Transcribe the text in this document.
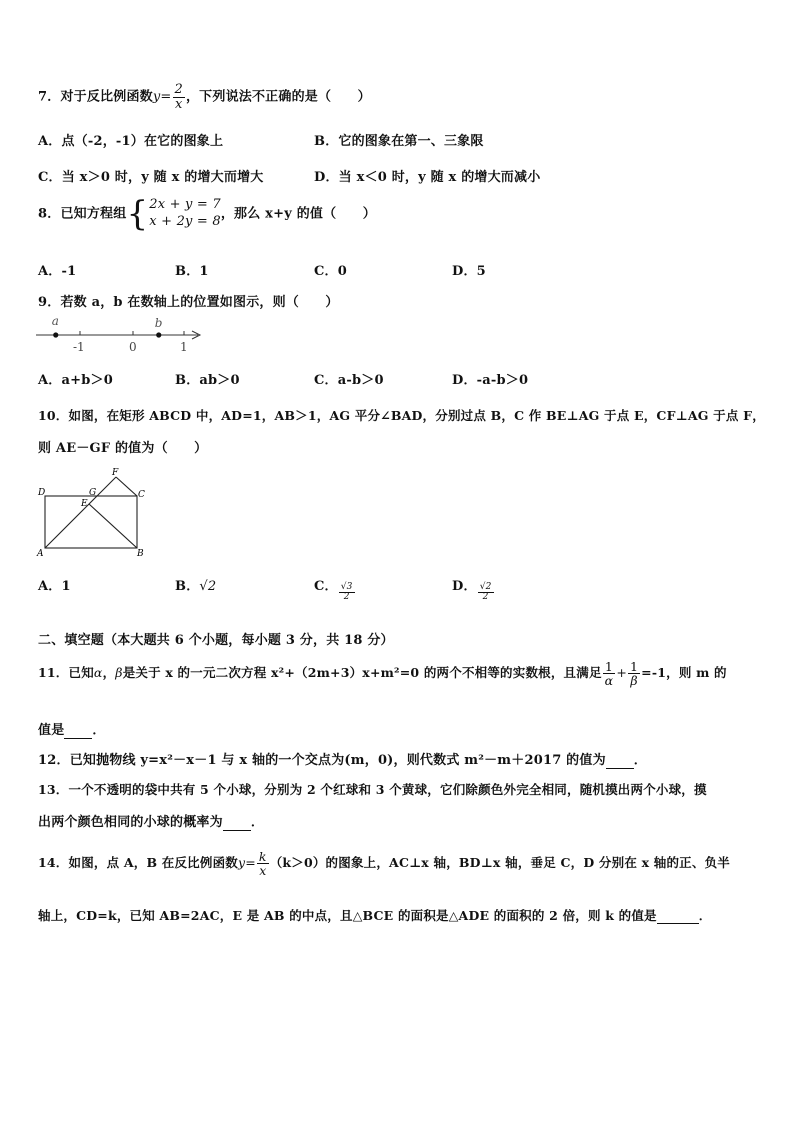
7．对于反比例函数$y= \frac{2}{x}$ ，下列说法不正确的是（　　）
A．点（-2，-1）在它的图象上	B．它的图象在第一、三象限
C．当 x＞0 时，y 随 x 的增大而增大	D．当 x＜0 时，y 随 x 的增大而减小
8．已知方程组 { 2x + y = 7
x + 2y = 8 ，那么 x+y 的值（　　）
A．-1	B．1	C．0	D．5
9．若数 a，b 在数轴上的位置如图示，则（　　）
a	b
-1	0	1
A．a+b＞0	B．ab＞0	C．a-b＞0	D．-a-b＞0
10．如图，在矩形 ABCD 中，AD=1，AB＞1，AG 平分∠BAD，分别过点 B，C 作 BE⊥AG 于点 E，CF⊥AG 于点 F，
则 AE－GF 的值为（　　）
D	G	C
E
F
A	B
A．1	B．√2	C． $\frac{√3}{2}$	D． $\frac{√2}{2}$
二、填空题（本大题共 6 个小题，每小题 3 分，共 18 分）
11．已知α，β是关于 x 的一元二次方程 x²+（2m+3）x+m²=0 的两个不相等的实数根，且满足 $\frac{1}{\alpha} + \frac{1}{\beta} =-1$，则 m 的
值是 ．
12．已知抛物线 y=x²－x－1 与 x 轴的一个交点为(m，0)，则代数式 m²－m＋2017 的值为 ．
13．一个不透明的袋中共有 5 个小球，分别为 2 个红球和 3 个黄球，它们除颜色外完全相同，随机摸出两个小球，摸
出两个颜色相同的小球的概率为 ．
14．如图，点 A，B 在反比例函数$y= \frac{k}{x} (k>0)$的图象上，AC⊥x 轴，BD⊥x 轴，垂足 C，D 分别在 x 轴的正、负半
轴上，CD=k，已知 AB=2AC，E 是 AB 的中点，且△BCE 的面积是△ADE 的面积的 2 倍，则 k 的值是	．
